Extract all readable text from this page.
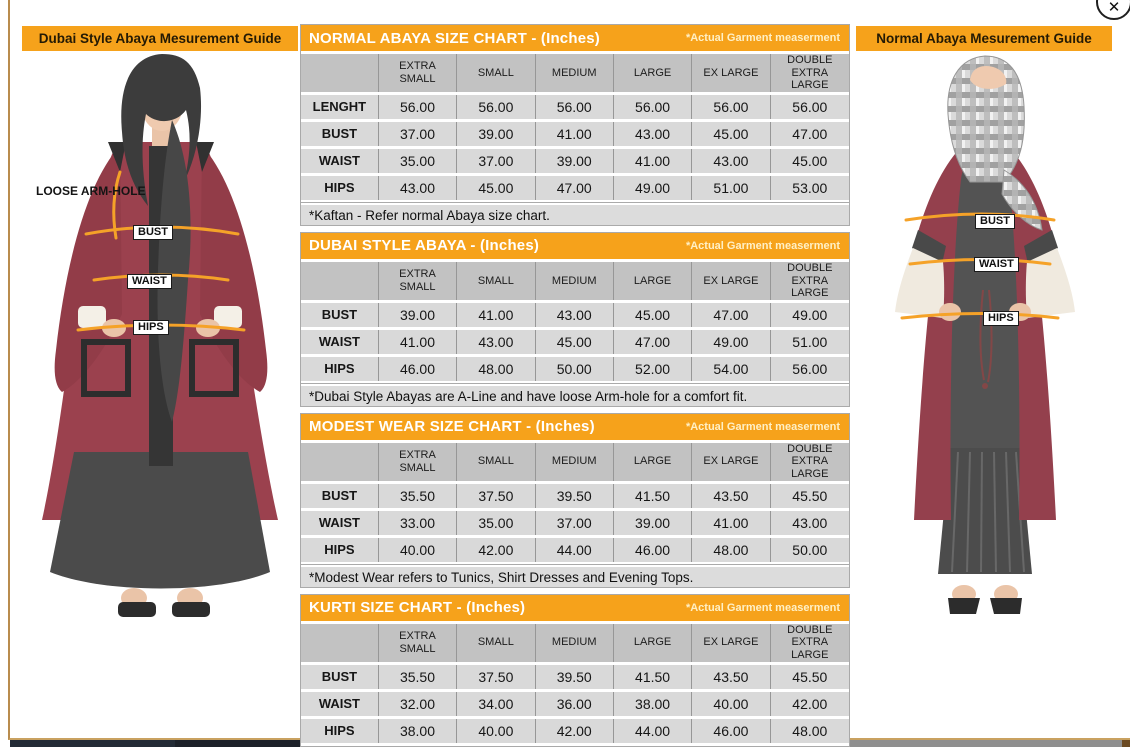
✕
Dubai Style Abaya Mesurement Guide	Normal Abaya Mesurement Guide
LOOSE ARM-HOLE
BUST
WAIST
HIPS
BUST
WAIST
HIPS
NORMAL ABAYA SIZE CHART - (Inches)	*Actual Garment measerment
	EXTRA SMALL	SMALL	MEDIUM	LARGE	EX LARGE	DOUBLE EXTRA LARGE
LENGHT	56.00	56.00	56.00	56.00	56.00	56.00
BUST	37.00	39.00	41.00	43.00	45.00	47.00
WAIST	35.00	37.00	39.00	41.00	43.00	45.00
HIPS	43.00	45.00	47.00	49.00	51.00	53.00
*Kaftan - Refer normal Abaya size chart.
DUBAI STYLE ABAYA - (Inches)	*Actual Garment measerment
	EXTRA SMALL	SMALL	MEDIUM	LARGE	EX LARGE	DOUBLE EXTRA LARGE
BUST	39.00	41.00	43.00	45.00	47.00	49.00
WAIST	41.00	43.00	45.00	47.00	49.00	51.00
HIPS	46.00	48.00	50.00	52.00	54.00	56.00
*Dubai Style Abayas are A-Line and have loose Arm-hole for a comfort fit.
MODEST WEAR SIZE CHART - (Inches)	*Actual Garment measerment
	EXTRA SMALL	SMALL	MEDIUM	LARGE	EX LARGE	DOUBLE EXTRA LARGE
BUST	35.50	37.50	39.50	41.50	43.50	45.50
WAIST	33.00	35.00	37.00	39.00	41.00	43.00
HIPS	40.00	42.00	44.00	46.00	48.00	50.00
*Modest Wear refers to Tunics, Shirt Dresses and Evening Tops.
KURTI SIZE CHART - (Inches)	*Actual Garment measerment
	EXTRA SMALL	SMALL	MEDIUM	LARGE	EX LARGE	DOUBLE EXTRA LARGE
BUST	35.50	37.50	39.50	41.50	43.50	45.50
WAIST	32.00	34.00	36.00	38.00	40.00	42.00
HIPS	38.00	40.00	42.00	44.00	46.00	48.00
